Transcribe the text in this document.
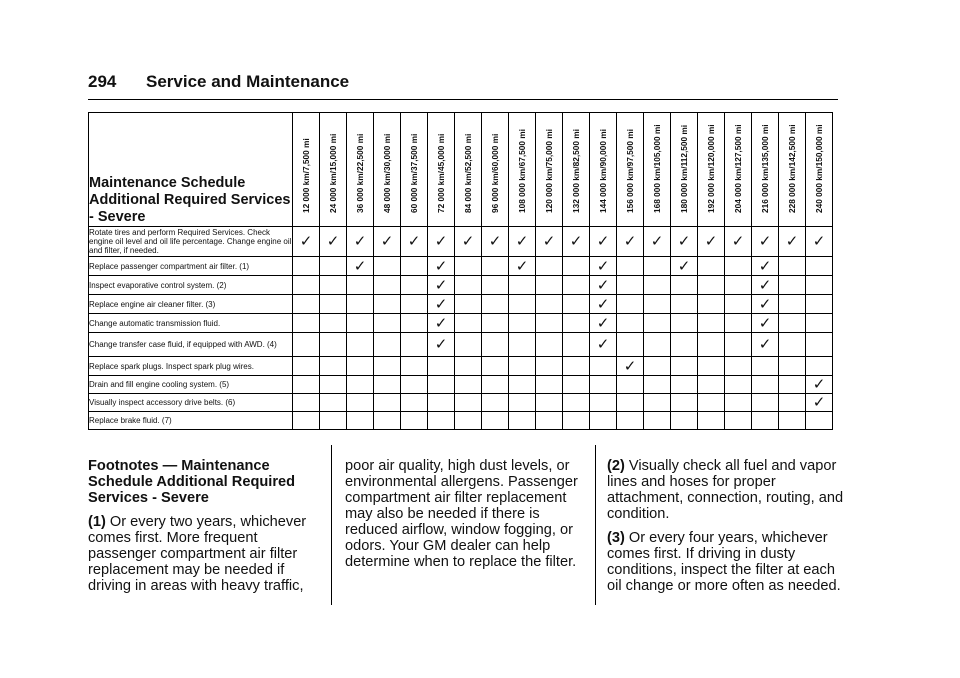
294 Service and Maintenance
Maintenance Schedule Additional Required Services - Severe	12 000 km/7,500 mi	24 000 km/15,000 mi	36 000 km/22,500 mi	48 000 km/30,000 mi	60 000 km/37,500 mi	72 000 km/45,000 mi	84 000 km/52,500 mi	96 000 km/60,000 mi	108 000 km/67,500 mi	120 000 km/75,000 mi	132 000 km/82,500 mi	144 000 km/90,000 mi	156 000 km/97,500 mi	168 000 km/105,000 mi	180 000 km/112,500 mi	192 000 km/120,000 mi	204 000 km/127,500 mi	216 000 km/135,000 mi	228 000 km/142,500 mi	240 000 km/150,000 mi

Rotate tires and perform Required Services. Check engine oil level and oil life percentage. Change engine oil and filter, if needed.	✓	✓	✓	✓	✓	✓	✓	✓	✓	✓	✓	✓	✓	✓	✓	✓	✓	✓	✓	✓
Replace passenger compartment air filter. (1)			✓			✓			✓			✓			✓			✓		
Inspect evaporative control system. (2)						✓						✓						✓		
Replace engine air cleaner filter. (3)						✓						✓						✓		
Change automatic transmission fluid.						✓						✓						✓		
Change transfer case fluid, if equipped with AWD. (4)						✓						✓						✓		
Replace spark plugs. Inspect spark plug wires.													✓							
Drain and fill engine cooling system. (5)																				✓
Visually inspect accessory drive belts. (6)																				✓
Replace brake fluid. (7)																				
Footnotes — Maintenance Schedule Additional Required Services - Severe

(1) Or every two years, whichever comes first. More frequent passenger compartment air filter replacement may be needed if driving in areas with heavy traffic,

poor air quality, high dust levels, or environmental allergens. Passenger compartment air filter replacement may also be needed if there is reduced airflow, window fogging, or odors. Your GM dealer can help determine when to replace the filter.

(2) Visually check all fuel and vapor lines and hoses for proper attachment, connection, routing, and condition.

(3) Or every four years, whichever comes first. If driving in dusty conditions, inspect the filter at each oil change or more often as needed.
